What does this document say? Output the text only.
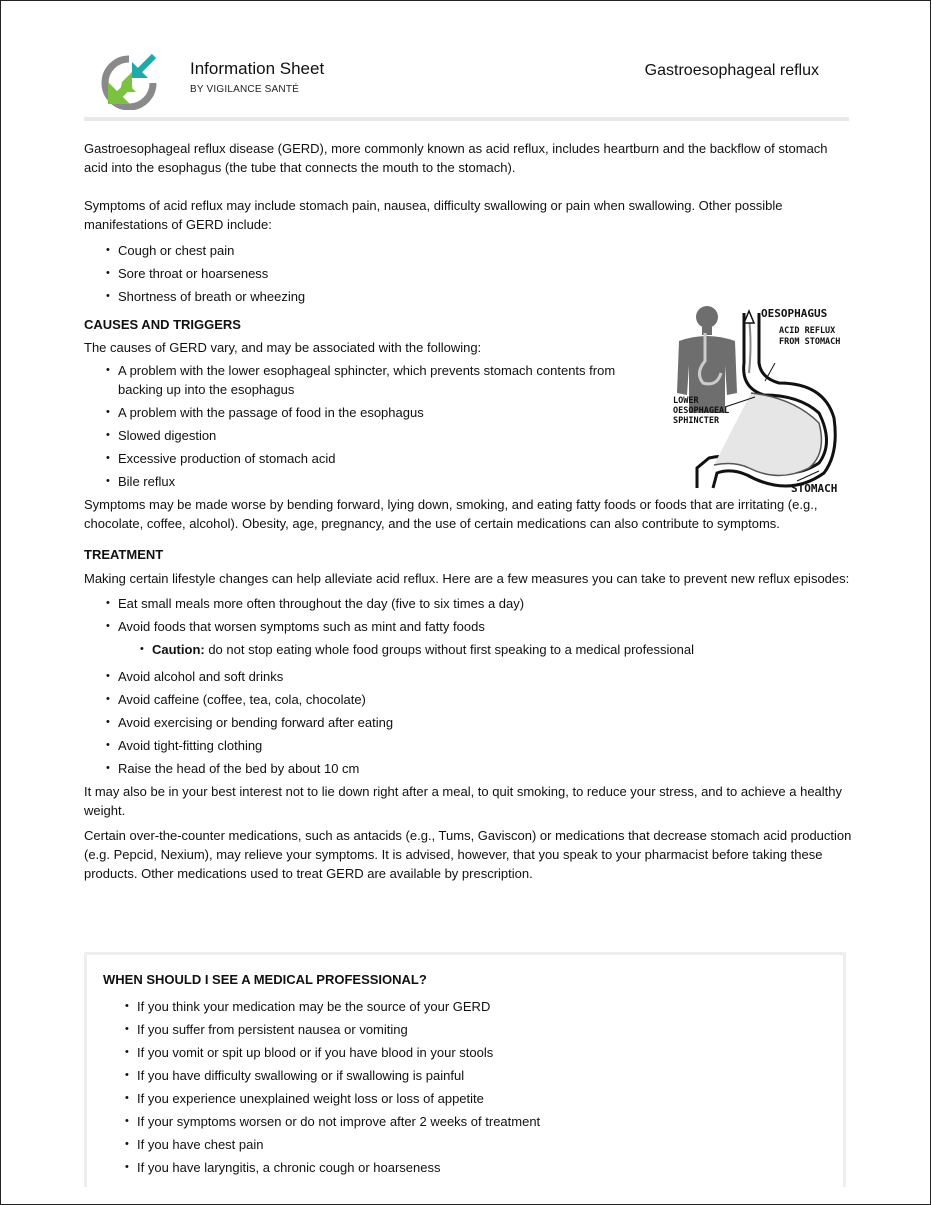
Information Sheet
BY VIGILANCE SANTÉ
Gastroesophageal reflux

Gastroesophageal reflux disease (GERD), more commonly known as acid reflux, includes heartburn and the backflow of stomach acid into the esophagus (the tube that connects the mouth to the stomach).

Symptoms of acid reflux may include stomach pain, nausea, difficulty swallowing or pain when swallowing. Other possible manifestations of GERD include:

• Cough or chest pain
• Sore throat or hoarseness
• Shortness of breath or wheezing
CAUSES AND TRIGGERS

The causes of GERD vary, and may be associated with the following:

• A problem with the lower esophageal sphincter, which prevents stomach contents from backing up into the esophagus
• A problem with the passage of food in the esophagus
• Slowed digestion
• Excessive production of stomach acid
• Bile reflux

Symptoms may be made worse by bending forward, lying down, smoking, and eating fatty foods or foods that are irritating (e.g., chocolate, coffee, alcohol). Obesity, age, pregnancy, and the use of certain medications can also contribute to symptoms.

OESOPHAGUS
ACID REFLUX
FROM STOMACH
LOWER
OESOPHAGEAL
SPHINCTER
STOMACH
TREATMENT

Making certain lifestyle changes can help alleviate acid reflux. Here are a few measures you can take to prevent new reflux episodes:

• Eat small meals more often throughout the day (five to six times a day)
• Avoid foods that worsen symptoms such as mint and fatty foods
• Caution: do not stop eating whole food groups without first speaking to a medical professional
• Avoid alcohol and soft drinks
• Avoid caffeine (coffee, tea, cola, chocolate)
• Avoid exercising or bending forward after eating
• Avoid tight-fitting clothing
• Raise the head of the bed by about 10 cm

It may also be in your best interest not to lie down right after a meal, to quit smoking, to reduce your stress, and to achieve a healthy weight.

Certain over-the-counter medications, such as antacids (e.g., Tums, Gaviscon) or medications that decrease stomach acid production (e.g. Pepcid, Nexium), may relieve your symptoms. It is advised, however, that you speak to your pharmacist before taking these products. Other medications used to treat GERD are available by prescription.

WHEN SHOULD I SEE A MEDICAL PROFESSIONAL?
• If you think your medication may be the source of your GERD
• If you suffer from persistent nausea or vomiting
• If you vomit or spit up blood or if you have blood in your stools
• If you have difficulty swallowing or if swallowing is painful
• If you experience unexplained weight loss or loss of appetite
• If your symptoms worsen or do not improve after 2 weeks of treatment
• If you have chest pain
• If you have laryngitis, a chronic cough or hoarseness
